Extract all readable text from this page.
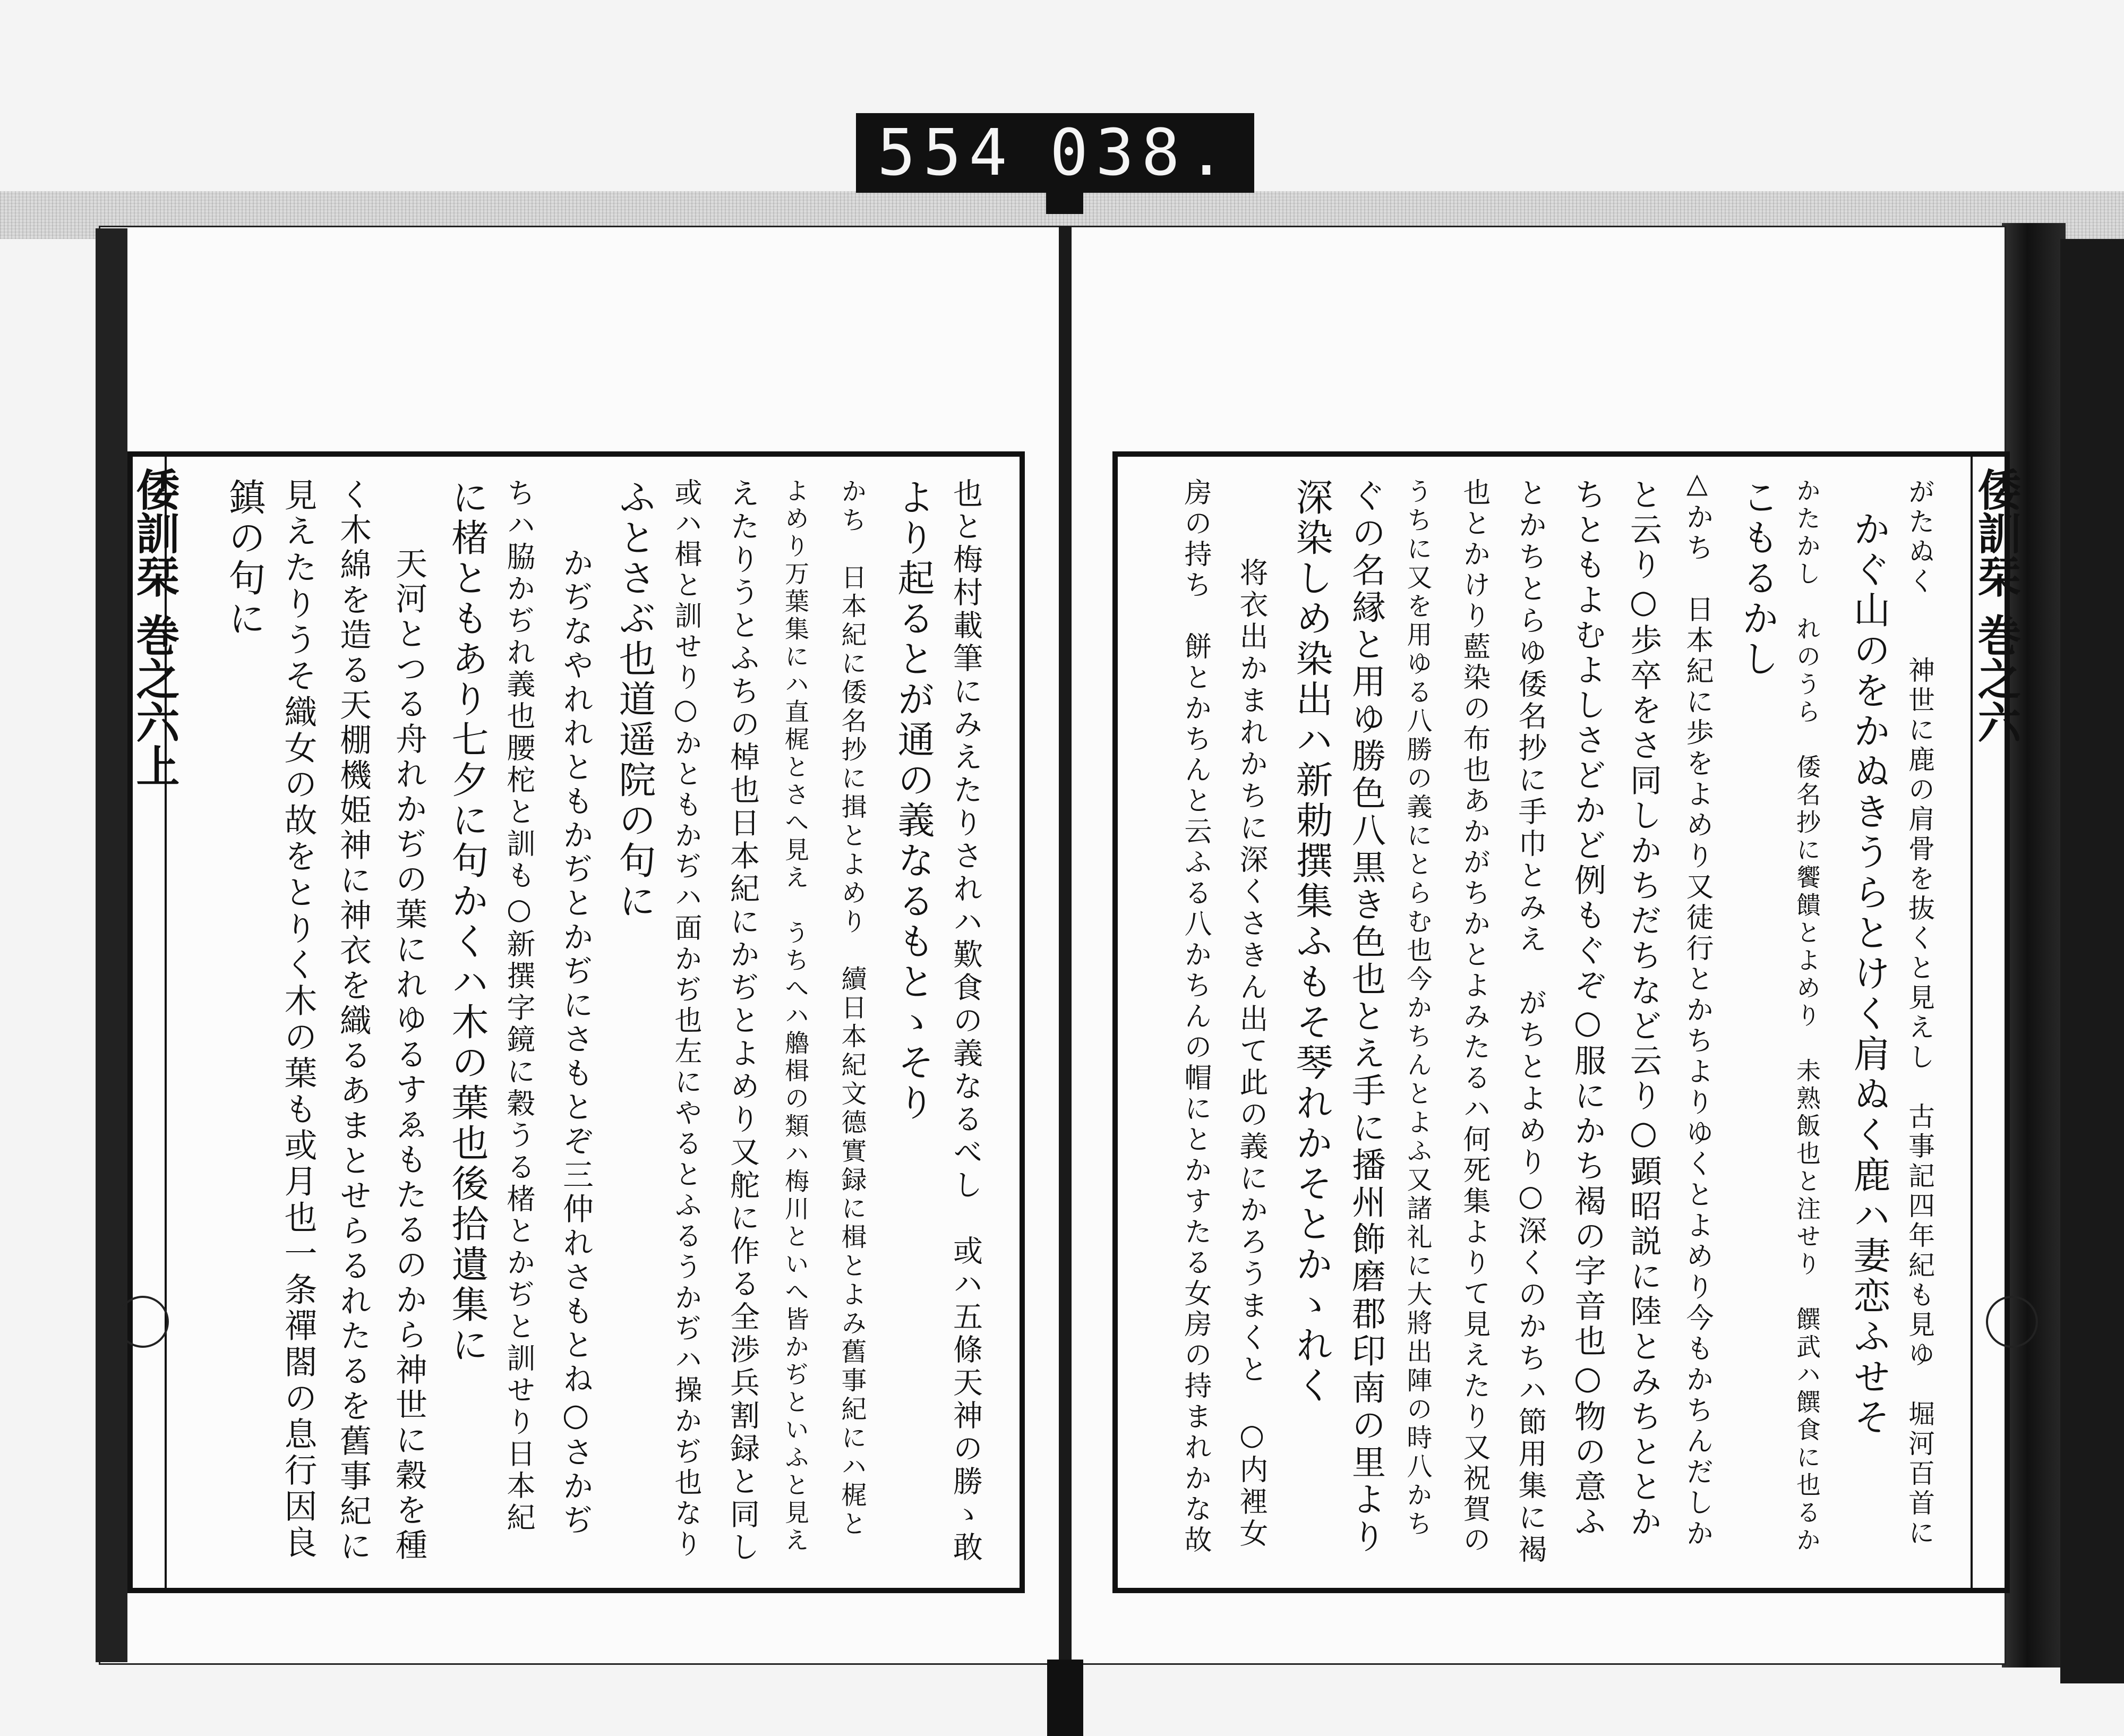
554 038.
倭訓栞 巻之六上	倭訓栞 巻之六
がたぬく　　神世に鹿の肩骨を抜くと見えし　古事記四年紀も見ゆ　堀河百首に
かぐ山のをかぬきうらとけく肩ぬく鹿ハ妻恋ふせそ
かたかし　れのうら　倭名抄に饗饋とよめり　未熟飯也と注せり　饌武ハ饌食に也るか
こもるかし
△かち　日本紀に歩をよめり又徒行とかちよりゆくとよめり今もかちんだしか
と云り○歩卒をさ同しかちだちなど云り○顕昭説に陸とみちととか
ちともよむよしさどかど例もぐぞ○服にかち褐の字音也○物の意ふ
とかちとらゆ倭名抄に手巾とみえ　がちとよめり○深くのかちハ節用集に褐
也とかけり藍染の布也あかがちかとよみたるハ何死集よりて見えたり又祝賀の
うちに又を用ゆる八勝の義にとらむ也今かちんとよふ又諸礼に大將出陣の時八かち
ぐの名縁と用ゆ勝色八黒き色也とえ手に播州飾磨郡印南の里より
深染しめ染出ハ新勅撰集ふもそ琴れかそとかゝれく
将衣出かまれかちに深くさきん出て此の義にかろうまくと　○内裡女
房の持ち　餅とかちんと云ふる八かちんの帽にとかすたる女房の持まれかな故
也と梅村載筆にみえたりされハ歎食の義なるべし　或ハ五條天神の勝ゝ敢
より起るとが通の義なるもとゝそり
かち　日本紀に倭名抄に揖とよめり　續日本紀文德實録に楫とよみ舊事紀にハ梶と
よめり万葉集にハ直梶とさへ見え　うちへハ艪楫の類ハ梅川といへ皆かぢといふと見え
えたりうとふちの棹也日本紀にかぢとよめり又舵に作る全渉兵割録と同し
或ハ楫と訓せり○かともかぢハ面かぢ也左にやるとふるうかぢハ操かぢ也なり
ふとさぶ也道遥院の句に
かぢなやれれともかぢとかぢにさもとぞ三仲れさもとね○さかぢ
ちハ脇かぢれ義也腰柁と訓も○新撰字鏡に穀うる楮とかぢと訓せり日本紀
に楮ともあり七夕に句かくハ木の葉也後拾遺集に
天河とつる舟れかぢの葉にれゆるすゑもたるのから神世に穀を種
く木綿を造る天棚機姫神に神衣を織るあまとせらるれたるを舊事紀に
見えたりうそ織女の故をとりく木の葉も或月也一条禪閤の息行因良
鎮の句に
